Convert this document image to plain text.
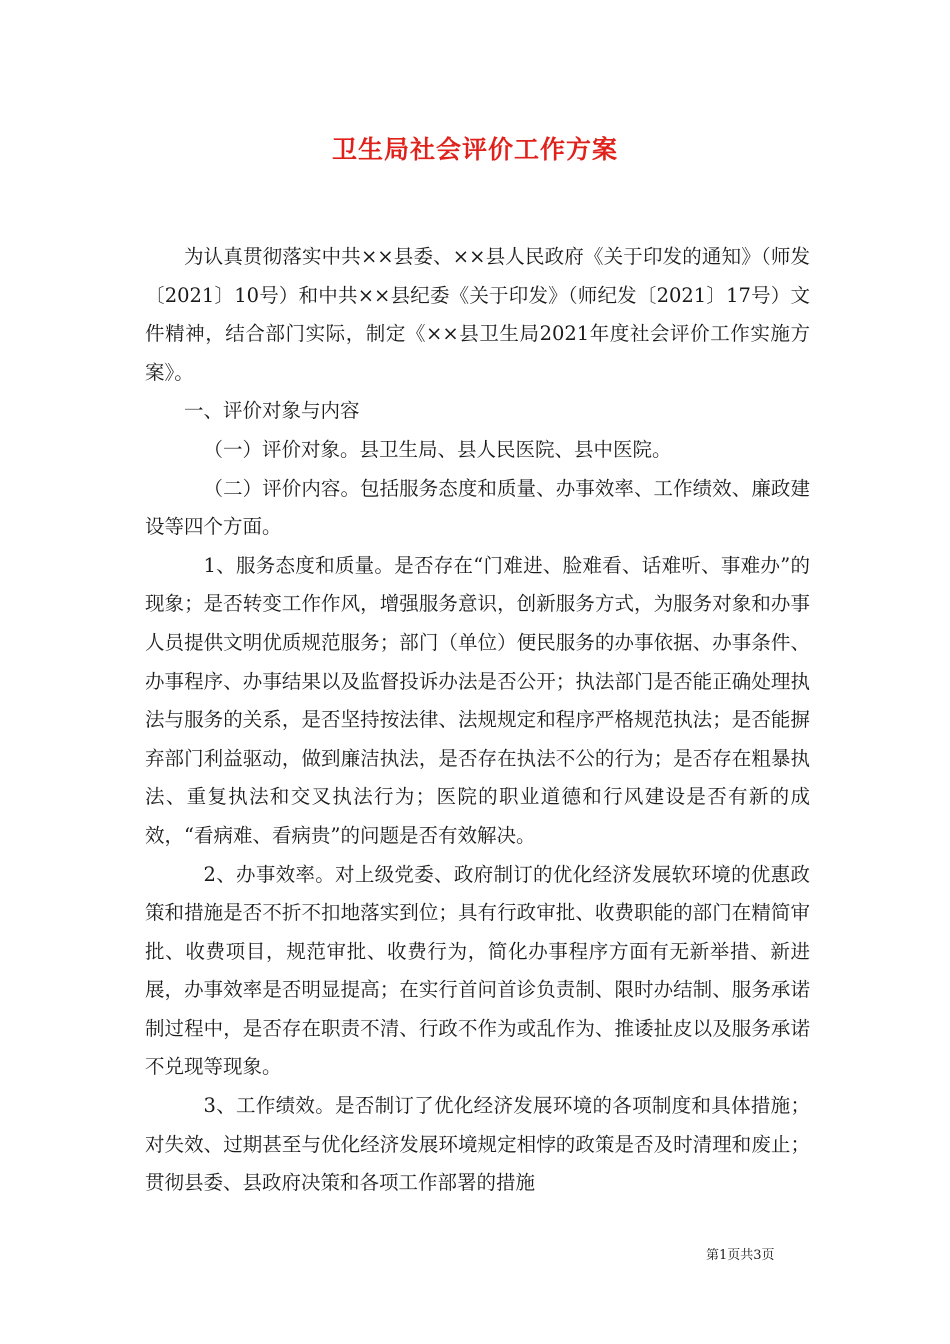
卫生局社会评价工作方案

为认真贯彻落实中共××县委、××县人民政府《关于印发的通知》（师发〔2021〕10号）和中共××县纪委《关于印发》（师纪发〔2021〕17号）文件精神，结合部门实际，制定《××县卫生局2021年度社会评价工作实施方案》。

一、评价对象与内容

（一）评价对象。县卫生局、县人民医院、县中医院。

（二）评价内容。包括服务态度和质量、办事效率、工作绩效、廉政建设等四个方面。

1、服务态度和质量。是否存在“门难进、脸难看、话难听、事难办”的现象；是否转变工作作风，增强服务意识，创新服务方式，为服务对象和办事人员提供文明优质规范服务；部门（单位）便民服务的办事依据、办事条件、办事程序、办事结果以及监督投诉办法是否公开；执法部门是否能正确处理执法与服务的关系，是否坚持按法律、法规规定和程序严格规范执法；是否能摒弃部门利益驱动，做到廉洁执法，是否存在执法不公的行为；是否存在粗暴执法、重复执法和交叉执法行为；医院的职业道德和行风建设是否有新的成效，“看病难、看病贵”的问题是否有效解决。

2、办事效率。对上级党委、政府制订的优化经济发展软环境的优惠政策和措施是否不折不扣地落实到位；具有行政审批、收费职能的部门在精简审批、收费项目，规范审批、收费行为，简化办事程序方面有无新举措、新进展，办事效率是否明显提高；在实行首问首诊负责制、限时办结制、服务承诺制过程中，是否存在职责不清、行政不作为或乱作为、推诿扯皮以及服务承诺不兑现等现象。

3、工作绩效。是否制订了优化经济发展环境的各项制度和具体措施；对失效、过期甚至与优化经济发展环境规定相悖的政策是否及时清理和废止；贯彻县委、县政府决策和各项工作部署的措施

第1页共3页
